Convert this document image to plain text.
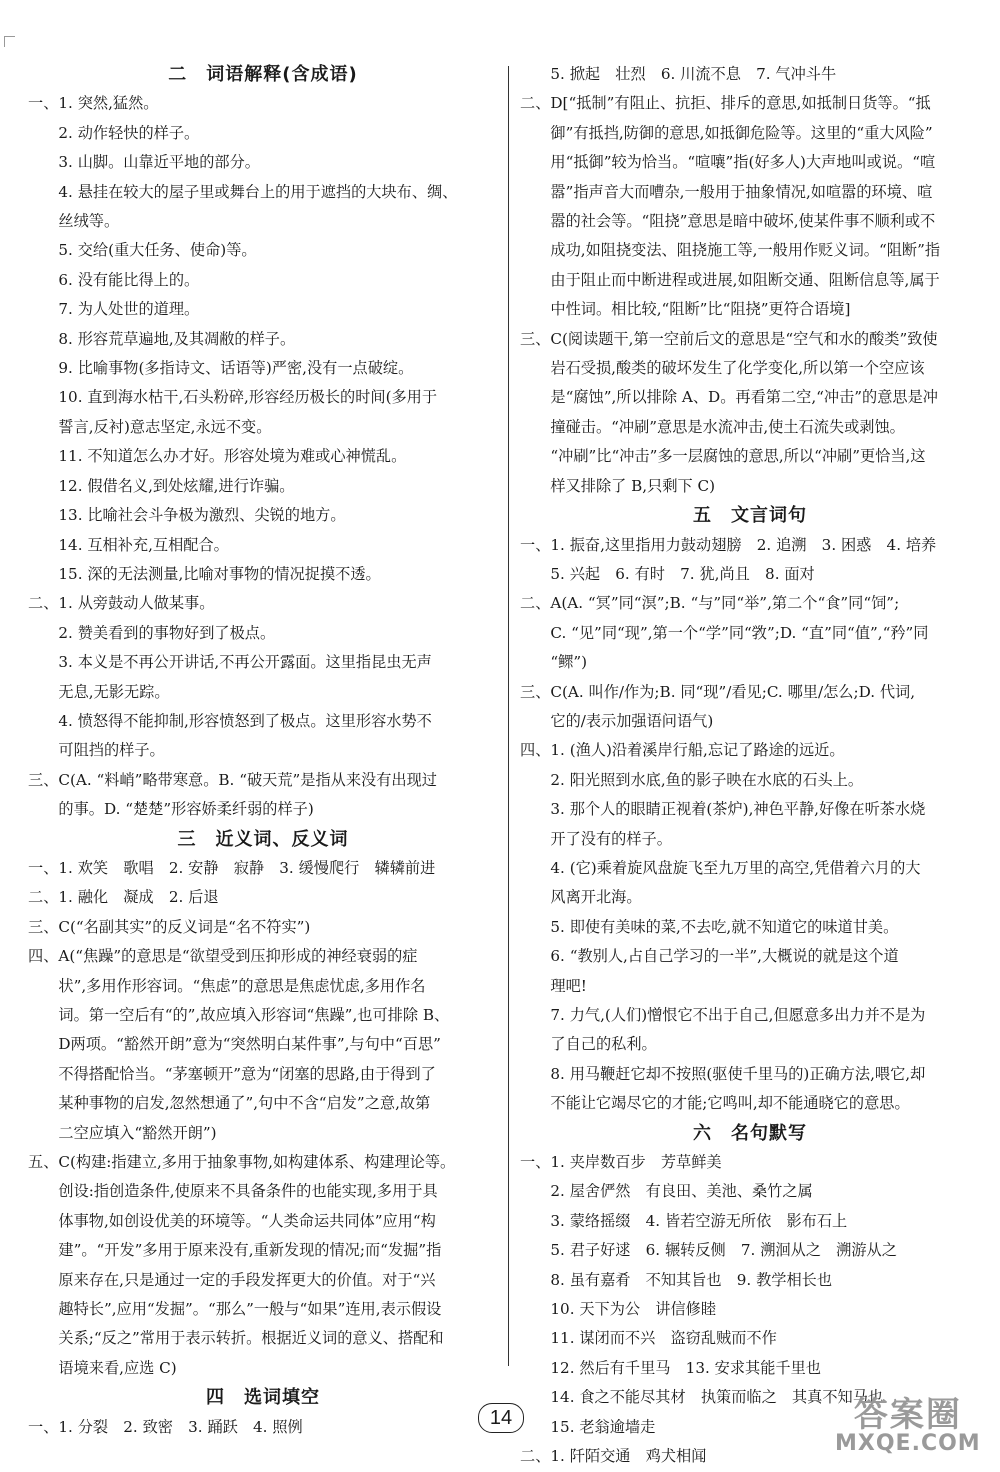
二　词语解释(含成语)
一、1. 突然,猛然。
　　2. 动作轻快的样子。
　　3. 山脚。山靠近平地的部分。
　　4. 悬挂在较大的屋子里或舞台上的用于遮挡的大块布、绸、
　　丝绒等。
　　5. 交给(重大任务、使命)等。
　　6. 没有能比得上的。
　　7. 为人处世的道理。
　　8. 形容荒草遍地,及其凋敝的样子。
　　9. 比喻事物(多指诗文、话语等)严密,没有一点破绽。
　　10. 直到海水枯干,石头粉碎,形容经历极长的时间(多用于
　　誓言,反衬)意志坚定,永远不变。
　　11. 不知道怎么办才好。形容处境为难或心神慌乱。
　　12. 假借名义,到处炫耀,进行诈骗。
　　13. 比喻社会斗争极为激烈、尖锐的地方。
　　14. 互相补充,互相配合。
　　15. 深的无法测量,比喻对事物的情况捉摸不透。
二、1. 从旁鼓动人做某事。
　　2. 赞美看到的事物好到了极点。
　　3. 本义是不再公开讲话,不再公开露面。这里指昆虫无声
　　无息,无影无踪。
　　4. 愤怒得不能抑制,形容愤怒到了极点。这里形容水势不
　　可阻挡的样子。
三、C(A. “料峭”略带寒意。B. “破天荒”是指从来没有出现过
　　的事。D. “楚楚”形容娇柔纤弱的样子)
三　近义词、反义词
一、1. 欢笑　歌唱　2. 安静　寂静　3. 缓慢爬行　辚辚前进
二、1. 融化　凝成　2. 后退
三、C(“名副其实”的反义词是“名不符实”)
四、A(“焦躁”的意思是“欲望受到压抑形成的神经衰弱的症
　　状”,多用作形容词。“焦虑”的意思是焦虑忧虑,多用作名
　　词。第一空后有“的”,故应填入形容词“焦躁”,也可排除 B、
　　D两项。“豁然开朗”意为“突然明白某件事”,与句中“百思”
　　不得搭配恰当。“茅塞顿开”意为“闭塞的思路,由于得到了
　　某种事物的启发,忽然想通了”,句中不含“启发”之意,故第
　　二空应填入“豁然开朗”)
五、C(构建:指建立,多用于抽象事物,如构建体系、构建理论等。
　　创设:指创造条件,使原来不具备条件的也能实现,多用于具
　　体事物,如创设优美的环境等。“人类命运共同体”应用“构
　　建”。“开发”多用于原来没有,重新发现的情况;而“发掘”指
　　原来存在,只是通过一定的手段发挥更大的价值。对于“兴
　　趣特长”,应用“发掘”。“那么”一般与“如果”连用,表示假设
　　关系;“反之”常用于表示转折。根据近义词的意义、搭配和
　　语境来看,应选 C)
四　选词填空
一、1. 分裂　2. 致密　3. 踊跃　4. 照例
　　5. 掀起　壮烈　6. 川流不息　7. 气冲斗牛
二、D[“抵制”有阻止、抗拒、排斥的意思,如抵制日货等。“抵
　　御”有抵挡,防御的意思,如抵御危险等。这里的“重大风险”
　　用“抵御”较为恰当。“喧嚷”指(好多人)大声地叫或说。“喧
　　嚣”指声音大而嘈杂,一般用于抽象情况,如喧嚣的环境、喧
　　嚣的社会等。“阻挠”意思是暗中破坏,使某件事不顺利或不
　　成功,如阻挠变法、阻挠施工等,一般用作贬义词。“阻断”指
　　由于阻止而中断进程或进展,如阻断交通、阻断信息等,属于
　　中性词。相比较,“阻断”比“阻挠”更符合语境]
三、C(阅读题干,第一空前后文的意思是“空气和水的酸类”致使
　　岩石受损,酸类的破坏发生了化学变化,所以第一个空应该
　　是“腐蚀”,所以排除 A、D。再看第二空,“冲击”的意思是冲
　　撞碰击。“冲刷”意思是水流冲击,使土石流失或剥蚀。
　　“冲刷”比“冲击”多一层腐蚀的意思,所以“冲刷”更恰当,这
　　样又排除了 B,只剩下 C)
五　文言词句
一、1. 振奋,这里指用力鼓动翅膀　2. 追溯　3. 困惑　4. 培养
　　5. 兴起　6. 有时　7. 犹,尚且　8. 面对
二、A(A. “冥”同“溟”;B. “与”同“举”,第二个“食”同“饲”;
　　C. “见”同“现”,第一个“学”同“敩”;D. “直”同“值”,“矜”同
　　“鳏”)
三、C(A. 叫作/作为;B. 同“现”/看见;C. 哪里/怎么;D. 代词,
　　它的/表示加强语问语气)
四、1. (渔人)沿着溪岸行船,忘记了路途的远近。
　　2. 阳光照到水底,鱼的影子映在水底的石头上。
　　3. 那个人的眼睛正视着(茶炉),神色平静,好像在听茶水烧
　　开了没有的样子。
　　4. (它)乘着旋风盘旋飞至九万里的高空,凭借着六月的大
　　风离开北海。
　　5. 即使有美味的菜,不去吃,就不知道它的味道甘美。
　　6. “教别人,占自己学习的一半”,大概说的就是这个道
　　理吧!
　　7. 力气,(人们)憎恨它不出于自己,但愿意多出力并不是为
　　了自己的私利。
　　8. 用马鞭赶它却不按照(驱使千里马的)正确方法,喂它,却
　　不能让它竭尽它的才能;它鸣叫,却不能通晓它的意思。
六　名句默写
一、1. 夹岸数百步　芳草鲜美
　　2. 屋舍俨然　有良田、美池、桑竹之属
　　3. 蒙络摇缀　4. 皆若空游无所依　影布石上
　　5. 君子好逑　6. 辗转反侧　7. 溯洄从之　溯游从之
　　8. 虽有嘉肴　不知其旨也　9. 教学相长也
　　10. 天下为公　讲信修睦
　　11. 谋闭而不兴　盗窃乱贼而不作
　　12. 然后有千里马　13. 安求其能千里也
　　14. 食之不能尽其材　执策而临之　其真不知马也
　　15. 老翁逾墙走
二、1. 阡陌交通　鸡犬相闻
14	答案圈
MXQE.COM
